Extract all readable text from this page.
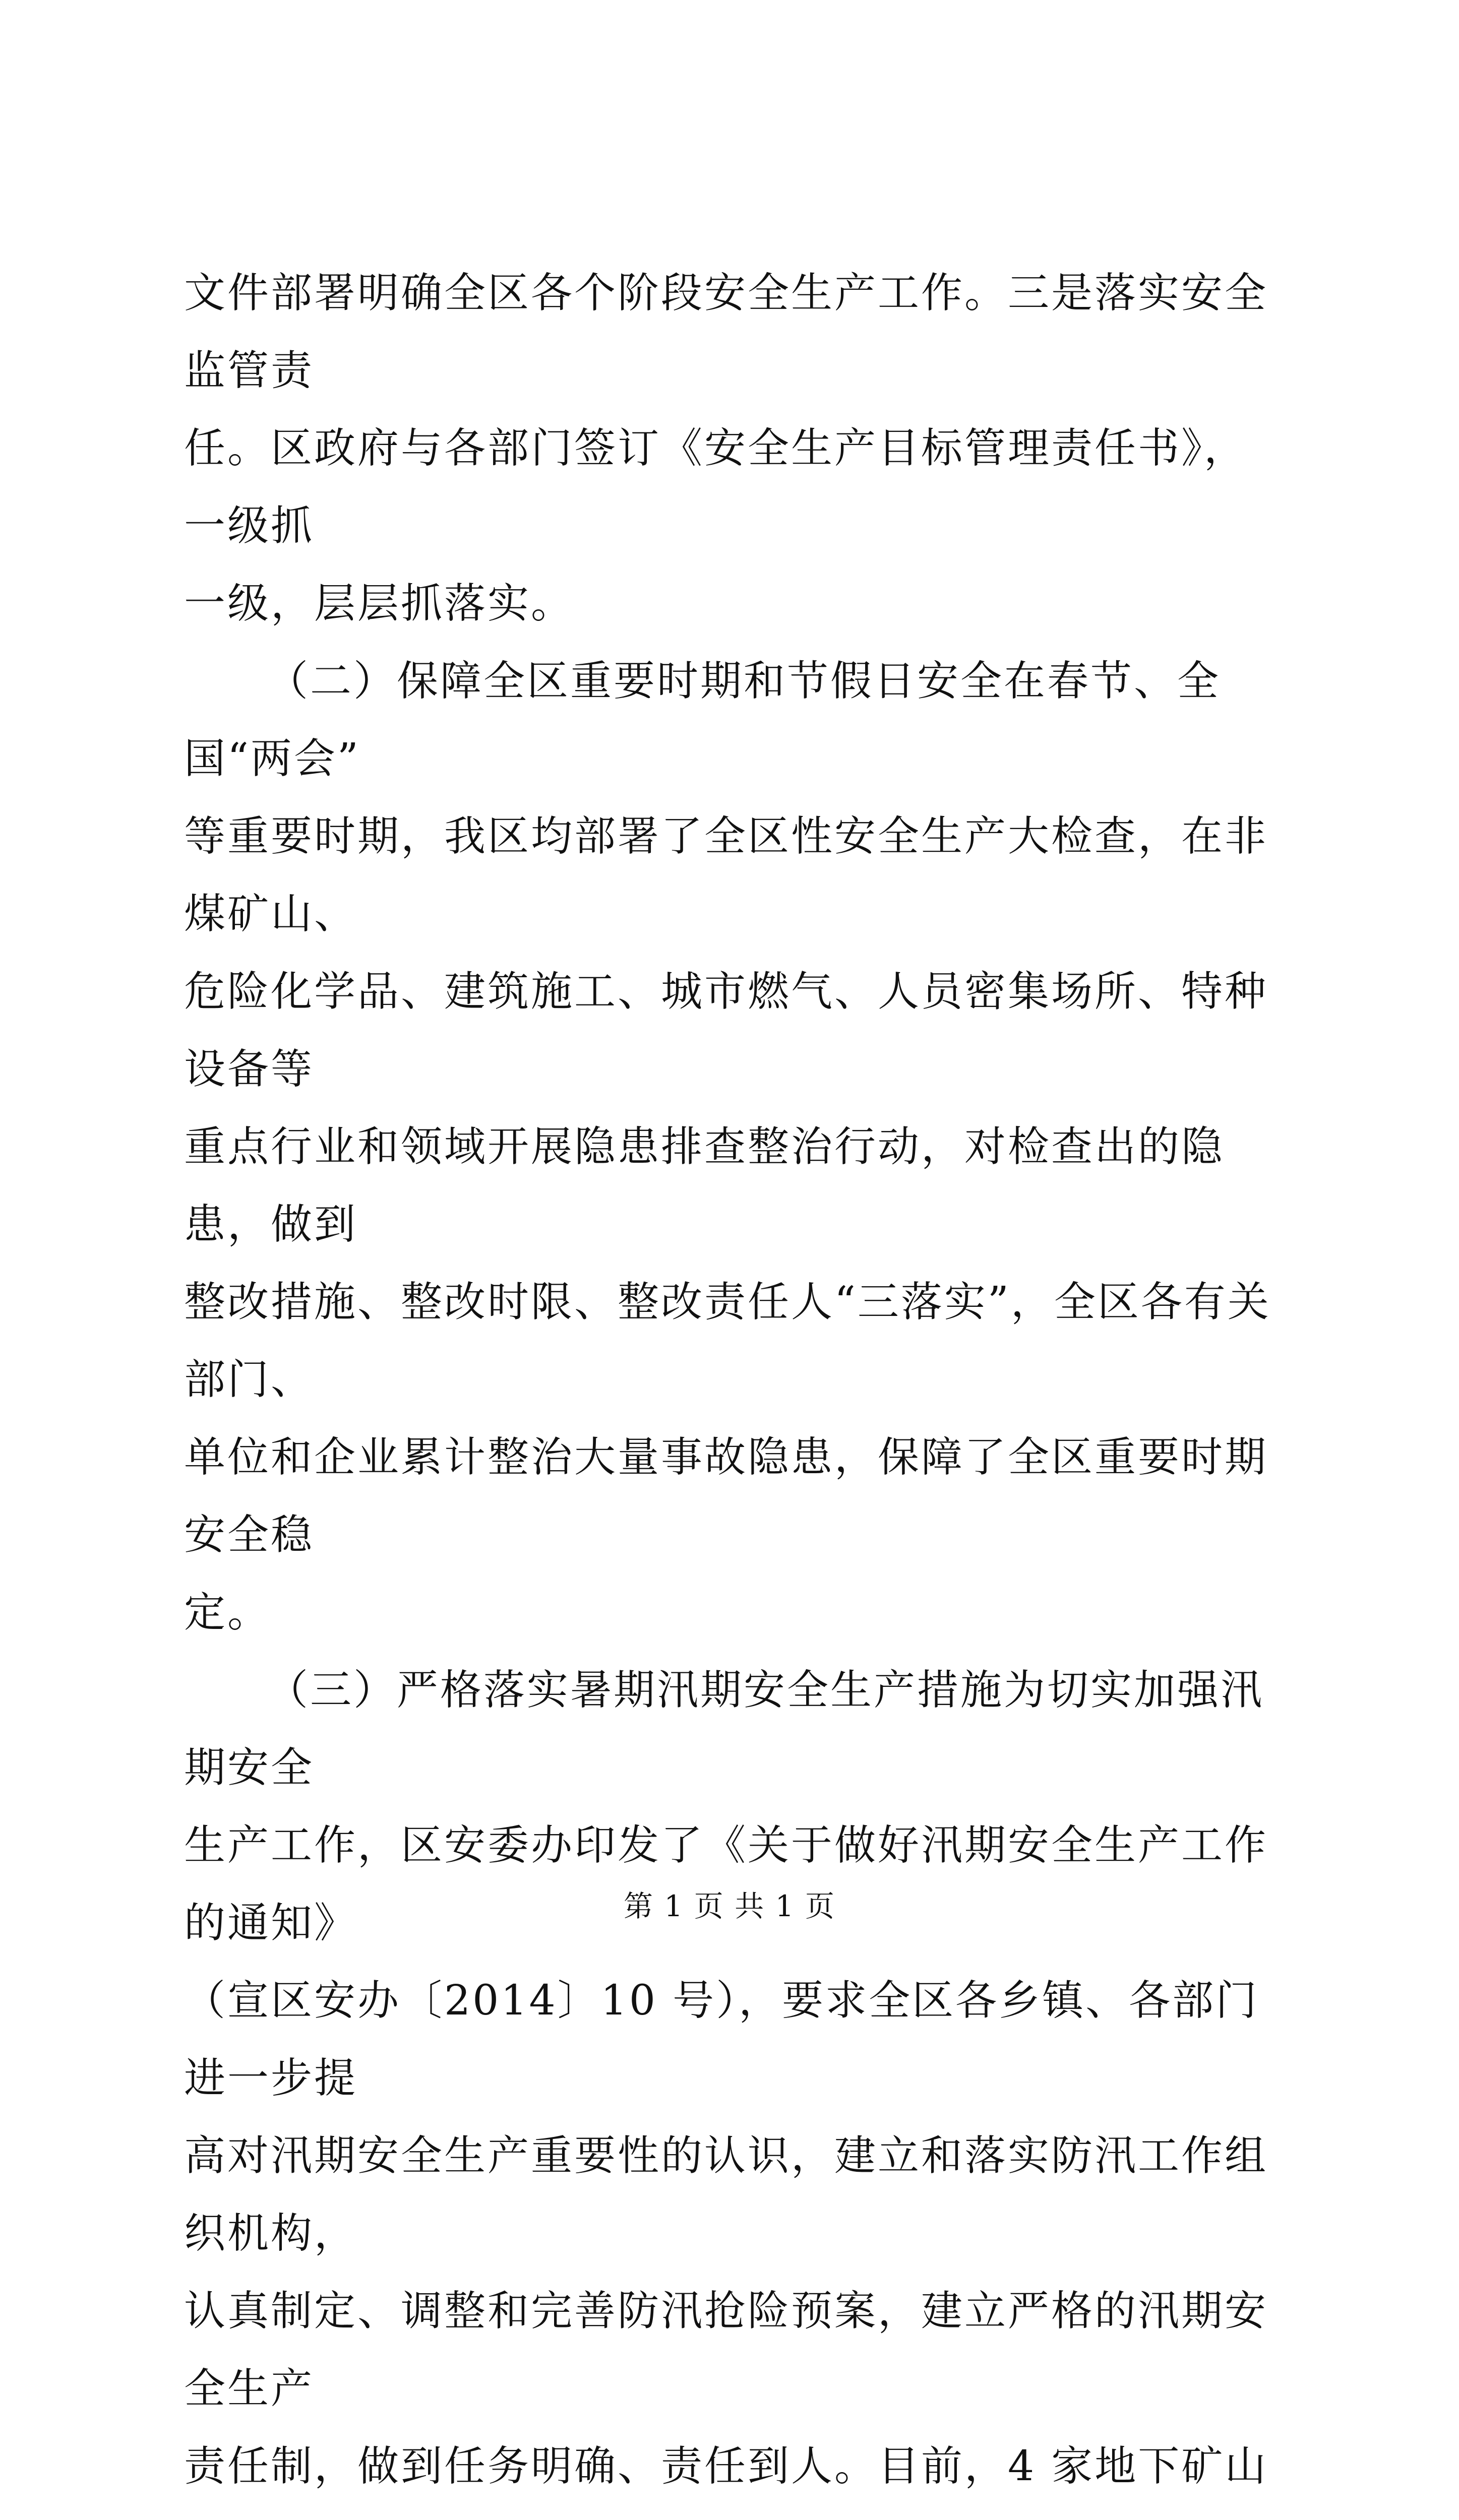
文件部署明确全区各个阶段安全生产工作。三是落实安全监管责
任。区政府与各部门签订《安全生产目标管理责任书》，一级抓
一级，层层抓落实。

（二）保障全区重要时期和节假日安全在春节、全国“两会”
等重要时期，我区均部署了全区性安全生产大检查，在非煤矿山、
危险化学品、建筑施工、城市燃气、人员密集场所、特种设备等
重点行业和领域开展隐患排查整治行动，对检查出的隐患，做到
整改措施、整改时限、整改责任人“三落实”，全区各有关部门、
单位和企业累计整治大量事故隐患，保障了全区重要时期安全稳
定。

（三）严格落实暑期汛期安全生产措施为切实加强汛期安全
生产工作，区安委办印发了《关于做好汛期安全生产工作的通知》
（宣区安办〔2014〕10 号），要求全区各乡镇、各部门进一步提
高对汛期安全生产重要性的认识，建立和落实防汛工作组织机构，
认真制定、调整和完善防汛抢险预案，建立严格的汛期安全生产
责任制，做到任务明确、责任到人。目前，4 家地下矿山

第 1 页 共 1 页
